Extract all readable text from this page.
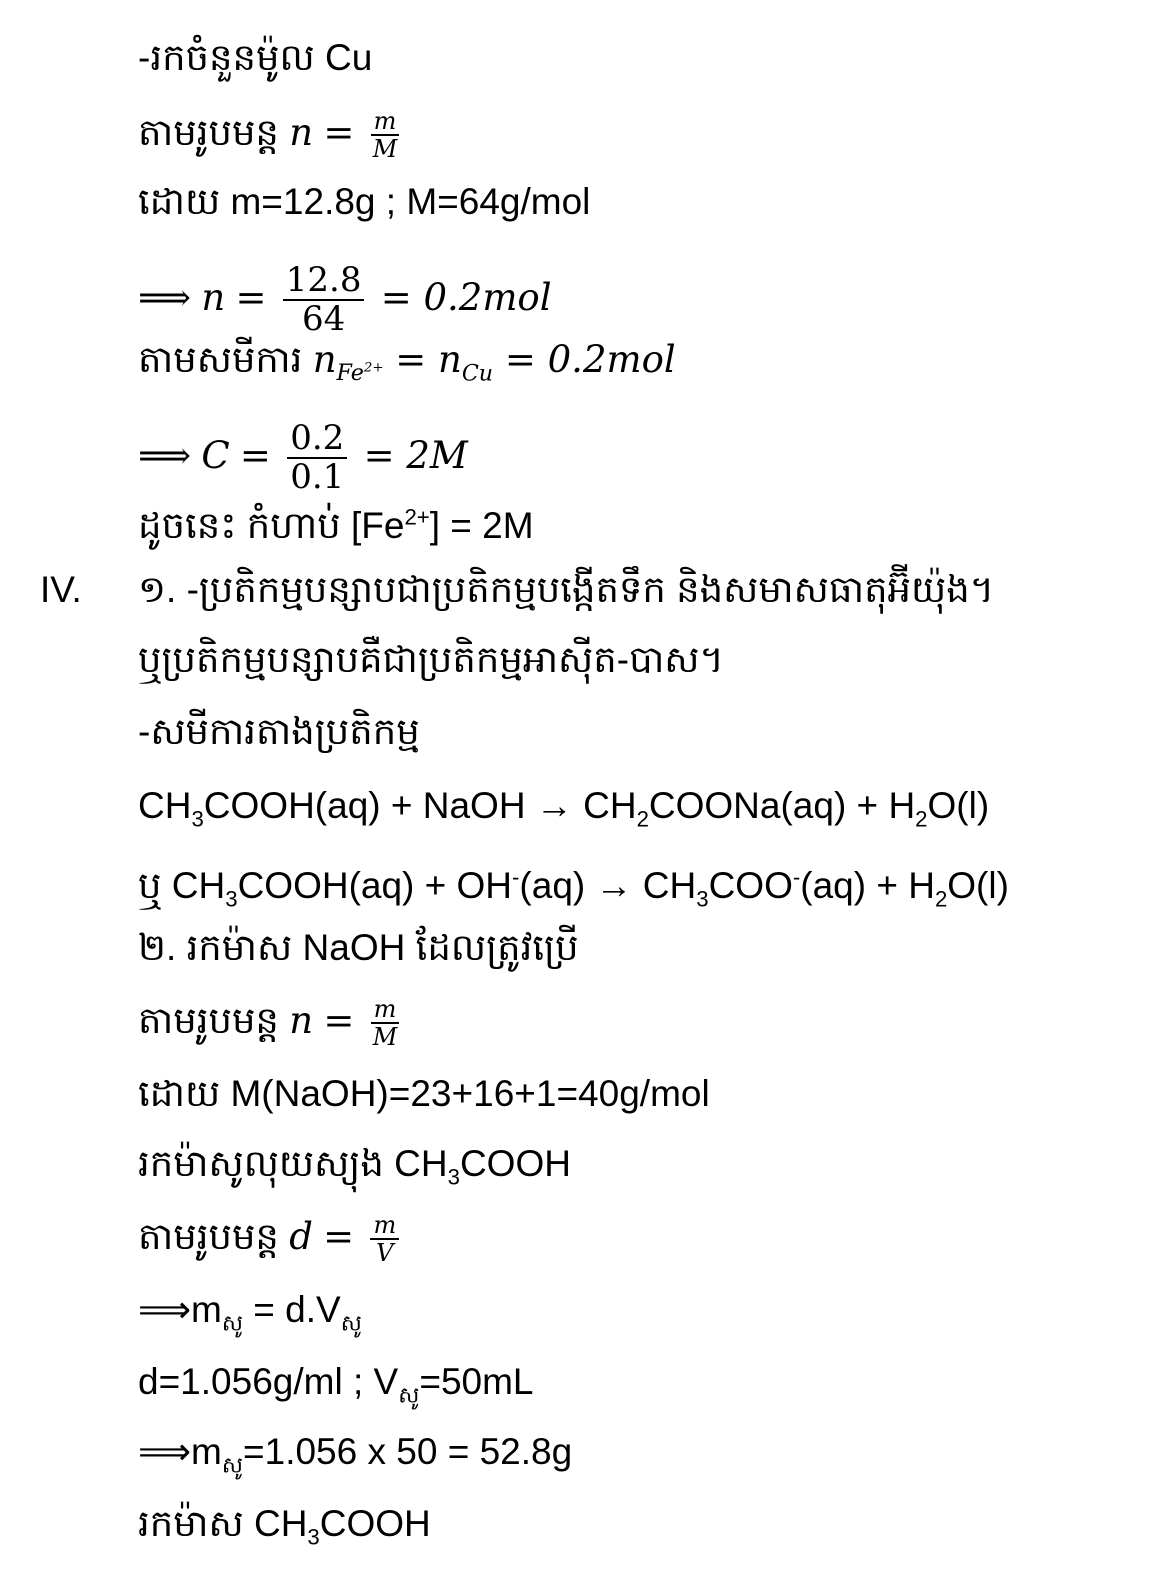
-រកចំនួនម៉ូល Cu
តាមរូបមន្ត $n = \frac{m}{M}$
ដោយ m=12.8g ; M=64g/mol
⟹ $n = \frac{12.8}{64} = 0.2mol$
តាមសមីការ $n_{Fe^{2+}} = n_{Cu} = 0.2mol$
⟹ $C = \frac{0.2}{0.1} = 2M$
ដូចនេះ កំហាប់ $[Fe^{2+}] = 2M$
IV. ១. -ប្រតិកម្មបន្សាបជាប្រតិកម្មបង្កើតទឹក និងសមាសធាតុអ៊ីយ៉ុង។
ឬប្រតិកម្មបន្សាបគឺជាប្រតិកម្មអាស៊ីត-បាស។
-សមីការតាងប្រតិកម្ម
$CH_3COOH(aq)$ + NaOH → $CH_2COONa(aq) + H_2O(l)$
ឬ $CH_3COOH(aq) + OH^-(aq) \to CH_3COO^-(aq) + H_2O(l)$
២. រកម៉ាស NaOH ដែលត្រូវប្រើ
តាមរូបមន្ត $n = \frac{m}{M}$
ដោយ M(NaOH)=23+16+1=40g/mol
រកម៉ាសូលុយស្យុង $CH_3COOH$
តាមរូបមន្ត $d = \frac{m}{V}$
$⟹m_{សូ} = d.V_{សូ}$
d=1.056g/ml ; $V_{សូ}=50mL$
$⟹m_{សូ}=1.056$ x 50 = 52.8g
រកម៉ាស $CH_3COOH$
